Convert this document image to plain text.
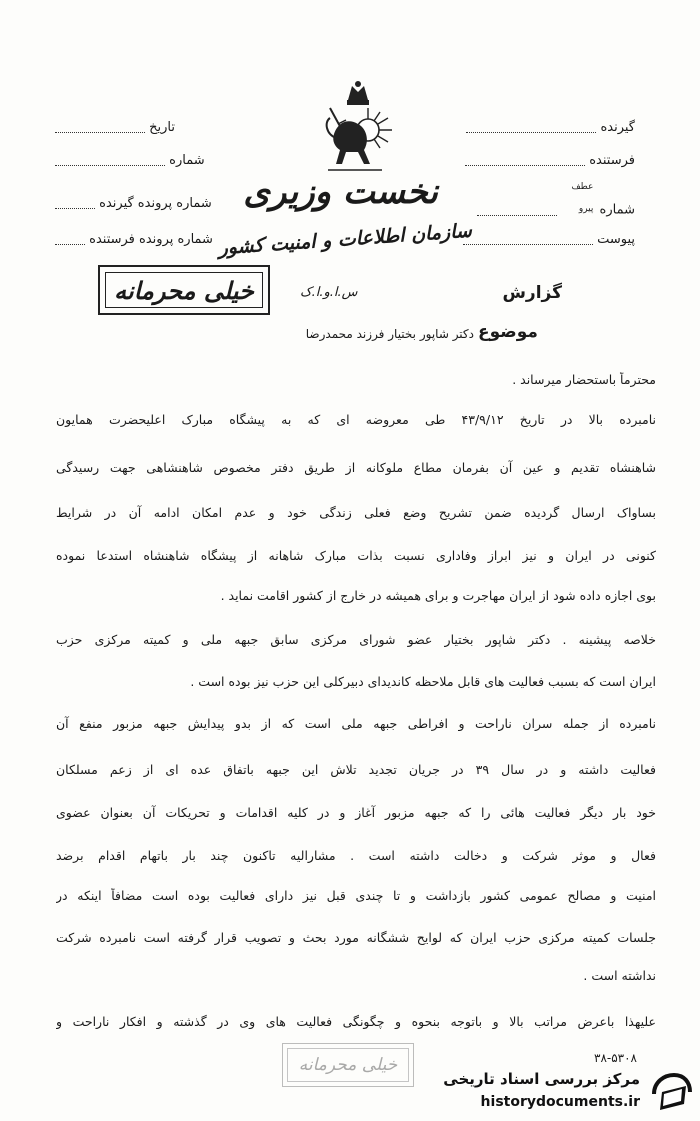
گیرنده
فرستنده
شماره
عطف
پیرو

پیوست
تاریخ
شماره
شماره پرونده گیرنده
شماره پرونده فرستنده
نخست وزیری
سازمان اطلاعات و امنیت کشور
خیلی محرمانه	س.ا.و.ا.ک	گزارش
موضوع
دکتر شاپور بختیار فرزند محمدرضا
محترماً باستحضار میرساند .
نامبرده بالا در تاریخ ۴۳/۹/۱۲ طی معروضه ای که به پیشگاه مبارک اعلیحضرت همایون
شاهنشاه تقدیم و عین آن بفرمان مطاع ملوکانه از طریق دفتر مخصوص شاهنشاهی جهت رسیدگی
بساواک ارسال گردیده ضمن تشریح وضع فعلی زندگی خود و عدم امکان ادامه آن در شرایط
کنونی در ایران و نیز ابراز وفاداری نسبت بذات مبارک شاهانه از پیشگاه شاهنشاه استدعا نموده
بوی اجازه داده شود از ایران مهاجرت و برای همیشه در خارج از کشور اقامت نماید .
خلاصه پیشینه . دکتر شاپور بختیار عضو شورای مرکزی سابق جبهه ملی و کمیته مرکزی حزب
ایران است که بسبب فعالیت های قابل ملاحظه کاندیدای دبیرکلی این حزب نیز بوده است .
نامبرده از جمله سران ناراحت و افراطی جبهه ملی است که از بدو پیدایش جبهه مزبور منفع آن
فعالیت داشته و در سال ۳۹ در جریان تجدید تلاش این جبهه باتفاق عده ای از زعم مسلکان
خود بار دیگر فعالیت هائی را که جبهه مزبور آغاز و در کلیه اقدامات و تحریکات آن بعنوان عضوی
فعال و موثر شرکت و دخالت داشته است . مشارالیه تاکنون چند بار باتهام اقدام برضد
امنیت و مصالح عمومی کشور بازداشت و تا چندی قبل نیز دارای فعالیت بوده است مضافاً اینکه در
جلسات کمیته مرکزی حزب ایران که لوایح ششگانه مورد بحث و تصویب قرار گرفته است نامبرده شرکت
نداشته است .
علیهذا باعرض مراتب بالا و باتوجه بنحوه و چگونگی فعالیت های وی در گذشته و افکار ناراحت و
خیلی محرمانه	۳۸-۵۳۰۸
مرکز بررسی اسناد تاریخی
historydocuments.ir
